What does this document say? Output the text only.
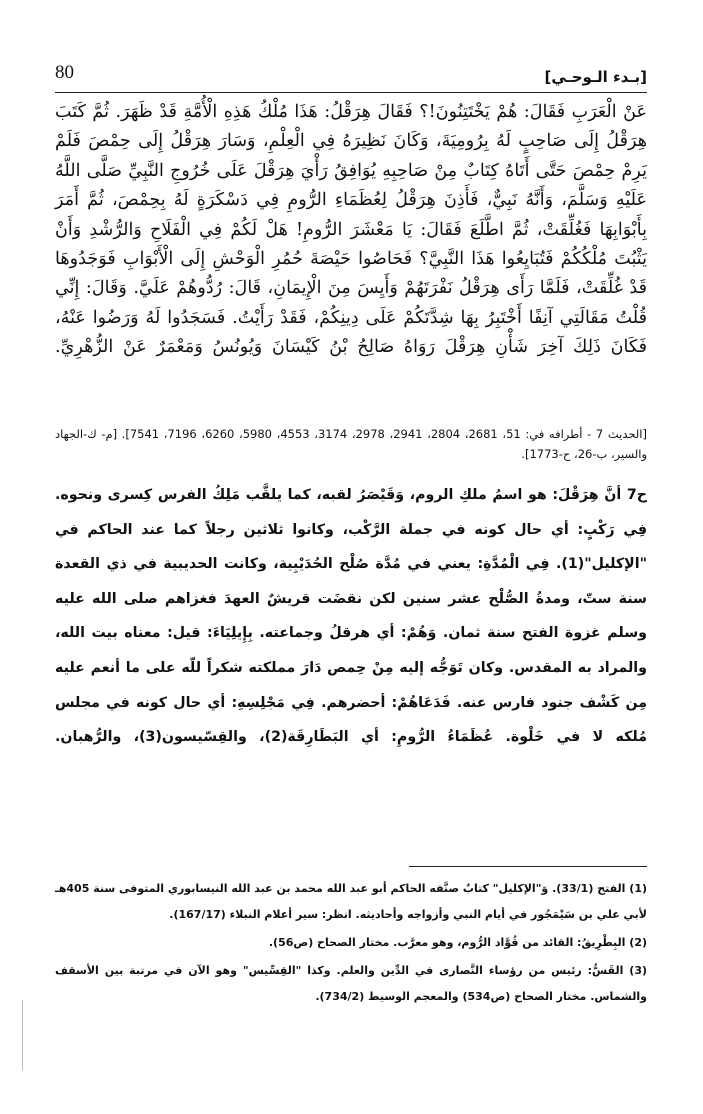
80	[بـدء الـوحـي]

عَنْ الْعَرَبِ فَقَالَ: هُمْ يَخْتَتِنُونَ!؟ فَقَالَ هِرَقْلُ: هَذَا مُلْكُ هَذِهِ الْأُمَّةِ قَدْ ظَهَرَ. ثُمَّ كَتَبَ هِرَقْلُ إِلَى صَاحِبٍ لَهُ بِرُومِيَةَ، وَكَانَ نَظِيرَهُ فِي الْعِلْمِ، وَسَارَ هِرَقْلُ إِلَى حِمْصَ فَلَمْ يَرِمْ حِمْصَ حَتَّى أَتَاهُ كِتَابٌ مِنْ صَاحِبِهِ يُوَافِقُ رَأْيَ هِرَقْلَ عَلَى خُرُوجِ النَّبِيِّ صَلَّى اللَّهُ عَلَيْهِ وَسَلَّمَ، وَأَنَّهُ نَبِيٌّ، فَأَذِنَ هِرَقْلُ لِعُظَمَاءِ الرُّومِ فِي دَسْكَرَةٍ لَهُ بِحِمْصَ، ثُمَّ أَمَرَ بِأَبْوَابِهَا فَغُلِّقَتْ، ثُمَّ اطَّلَعَ فَقَالَ: يَا مَعْشَرَ الرُّومِ! هَلْ لَكُمْ فِي الْفَلَاحِ وَالرُّشْدِ وَأَنْ يَثْبُتَ مُلْكُكُمْ فَتُبَايِعُوا هَذَا النَّبِيَّ؟ فَحَاصُوا حَيْصَةَ حُمُرِ الْوَحْشِ إِلَى الْأَبْوَابِ فَوَجَدُوهَا قَدْ غُلِّقَتْ، فَلَمَّا رَأَى هِرَقْلُ نَفْرَتَهُمْ وَأَيِسَ مِنَ الْإِيمَانِ، قَالَ: رُدُّوهُمْ عَلَيَّ. وَقَالَ: إِنِّي قُلْتُ مَقَالَتِي آنِفًا أَخْتَبِرُ بِهَا شِدَّتَكُمْ عَلَى دِينِكُمْ، فَقَدْ رَأَيْتُ. فَسَجَدُوا لَهُ وَرَضُوا عَنْهُ، فَكَانَ ذَلِكَ آخِرَ شَأْنِ هِرَقْلَ رَوَاهُ صَالِحُ بْنُ كَيْسَانَ وَيُونُسُ وَمَعْمَرٌ عَنْ الزُّهْرِيِّ.

[الحديث 7 - أطرافه في: 51، 2681، 2804، 2941، 2978، 3174، 4553، 5980، 6260، 7196، 7541]. [م- ك-الجهاد والسير، ب-26، ح-1773].

ح7 أنَّ هِرَقْلَ: هو اسمُ ملكِ الروم، وَقَيْصَرُ لقبه، كما يلقَّب مَلِكُ الفرس كِسرى ونحوه.

فِي رَكْبٍ: أي حال كونه في جملة الرَّكْب، وكانوا ثلاثين رجلاً كما عند الحاكم في "الإكليل"(1). فِي الْمُدَّةِ: يعني في مُدَّة صُلْح الحُدَيْبِية، وكانت الحديبية في ذي القعدة سنة ستّ، ومدةُ الصُّلْح عشر سنين لكن نقضَت قريشٌ العهدَ فغزاهم صلى الله عليه وسلم غزوة الفتح سنة ثمان. وَهُمْ: أي هرقلُ وجماعته. بِإِيلِيَاءَ: قيل: معناه بيت الله، والمراد به المقدس. وكان تَوَجُّه إليه مِنْ حِمص دَارَ مملكته شكراً للّه على ما أنعم عليه مِن كَشْف جنود فارس عنه. فَدَعَاهُمْ: أحضرهم. فِي مَجْلِسِهِ: أي حال كونه في مجلس مُلكه لا في خَلْوة. عُظَمَاءُ الرُّومِ: أي البَطَارِقَة(2)، والقِسّيسون(3)، والرُّهبان.

(1) الفتح (33/1). وَ"الإكليل" كتابٌ صنَّفه الحاكم أبو عبد الله محمد بن عبد الله النيسابوري المتوفى سنة 405هـ لأبي علي بن سَيْمَجُور في أيام النبي وأزواجه وأحاديثه. انظر: سير أعلام النبلاء (167/17).

(2) البِطْرِيقُ: القائد من قُوَّاد الرُّوم، وهو معرَّب. مختار الصحاح (ص56).

(3) القَسُّ: رئيس من رؤساء النَّصارى في الدِّين والعلم. وكذا "القِسِّيس" وهو الآن في مرتبة بين الأسقف والشماس. مختار الصحاح (ص534) والمعجم الوسيط (734/2).
